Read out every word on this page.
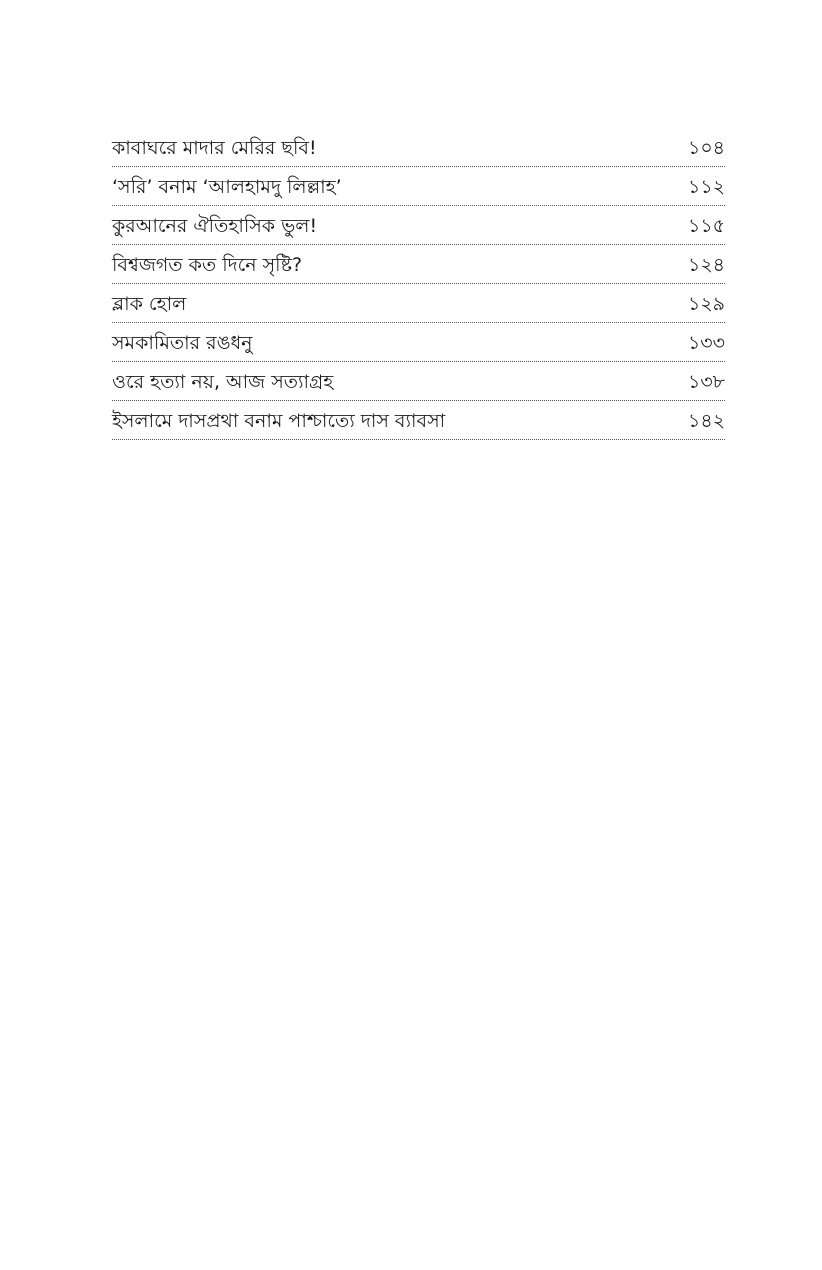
কাবাঘরে মাদার মেরির ছবি!	১০৪
‘সরি’ বনাম ‘আলহামদু লিল্লাহ’	১১২
কুরআনের ঐতিহাসিক ভুল!	১১৫
বিশ্বজগত কত দিনে সৃষ্টি?	১২৪
ব্লাক হোল	১২৯
সমকামিতার রঙধনু	১৩৩
ওরে হত্যা নয়, আজ সত্যাগ্রহ	১৩৮
ইসলামে দাসপ্রথা বনাম পাশ্চাত্যে দাস ব্যাবসা	১৪২
